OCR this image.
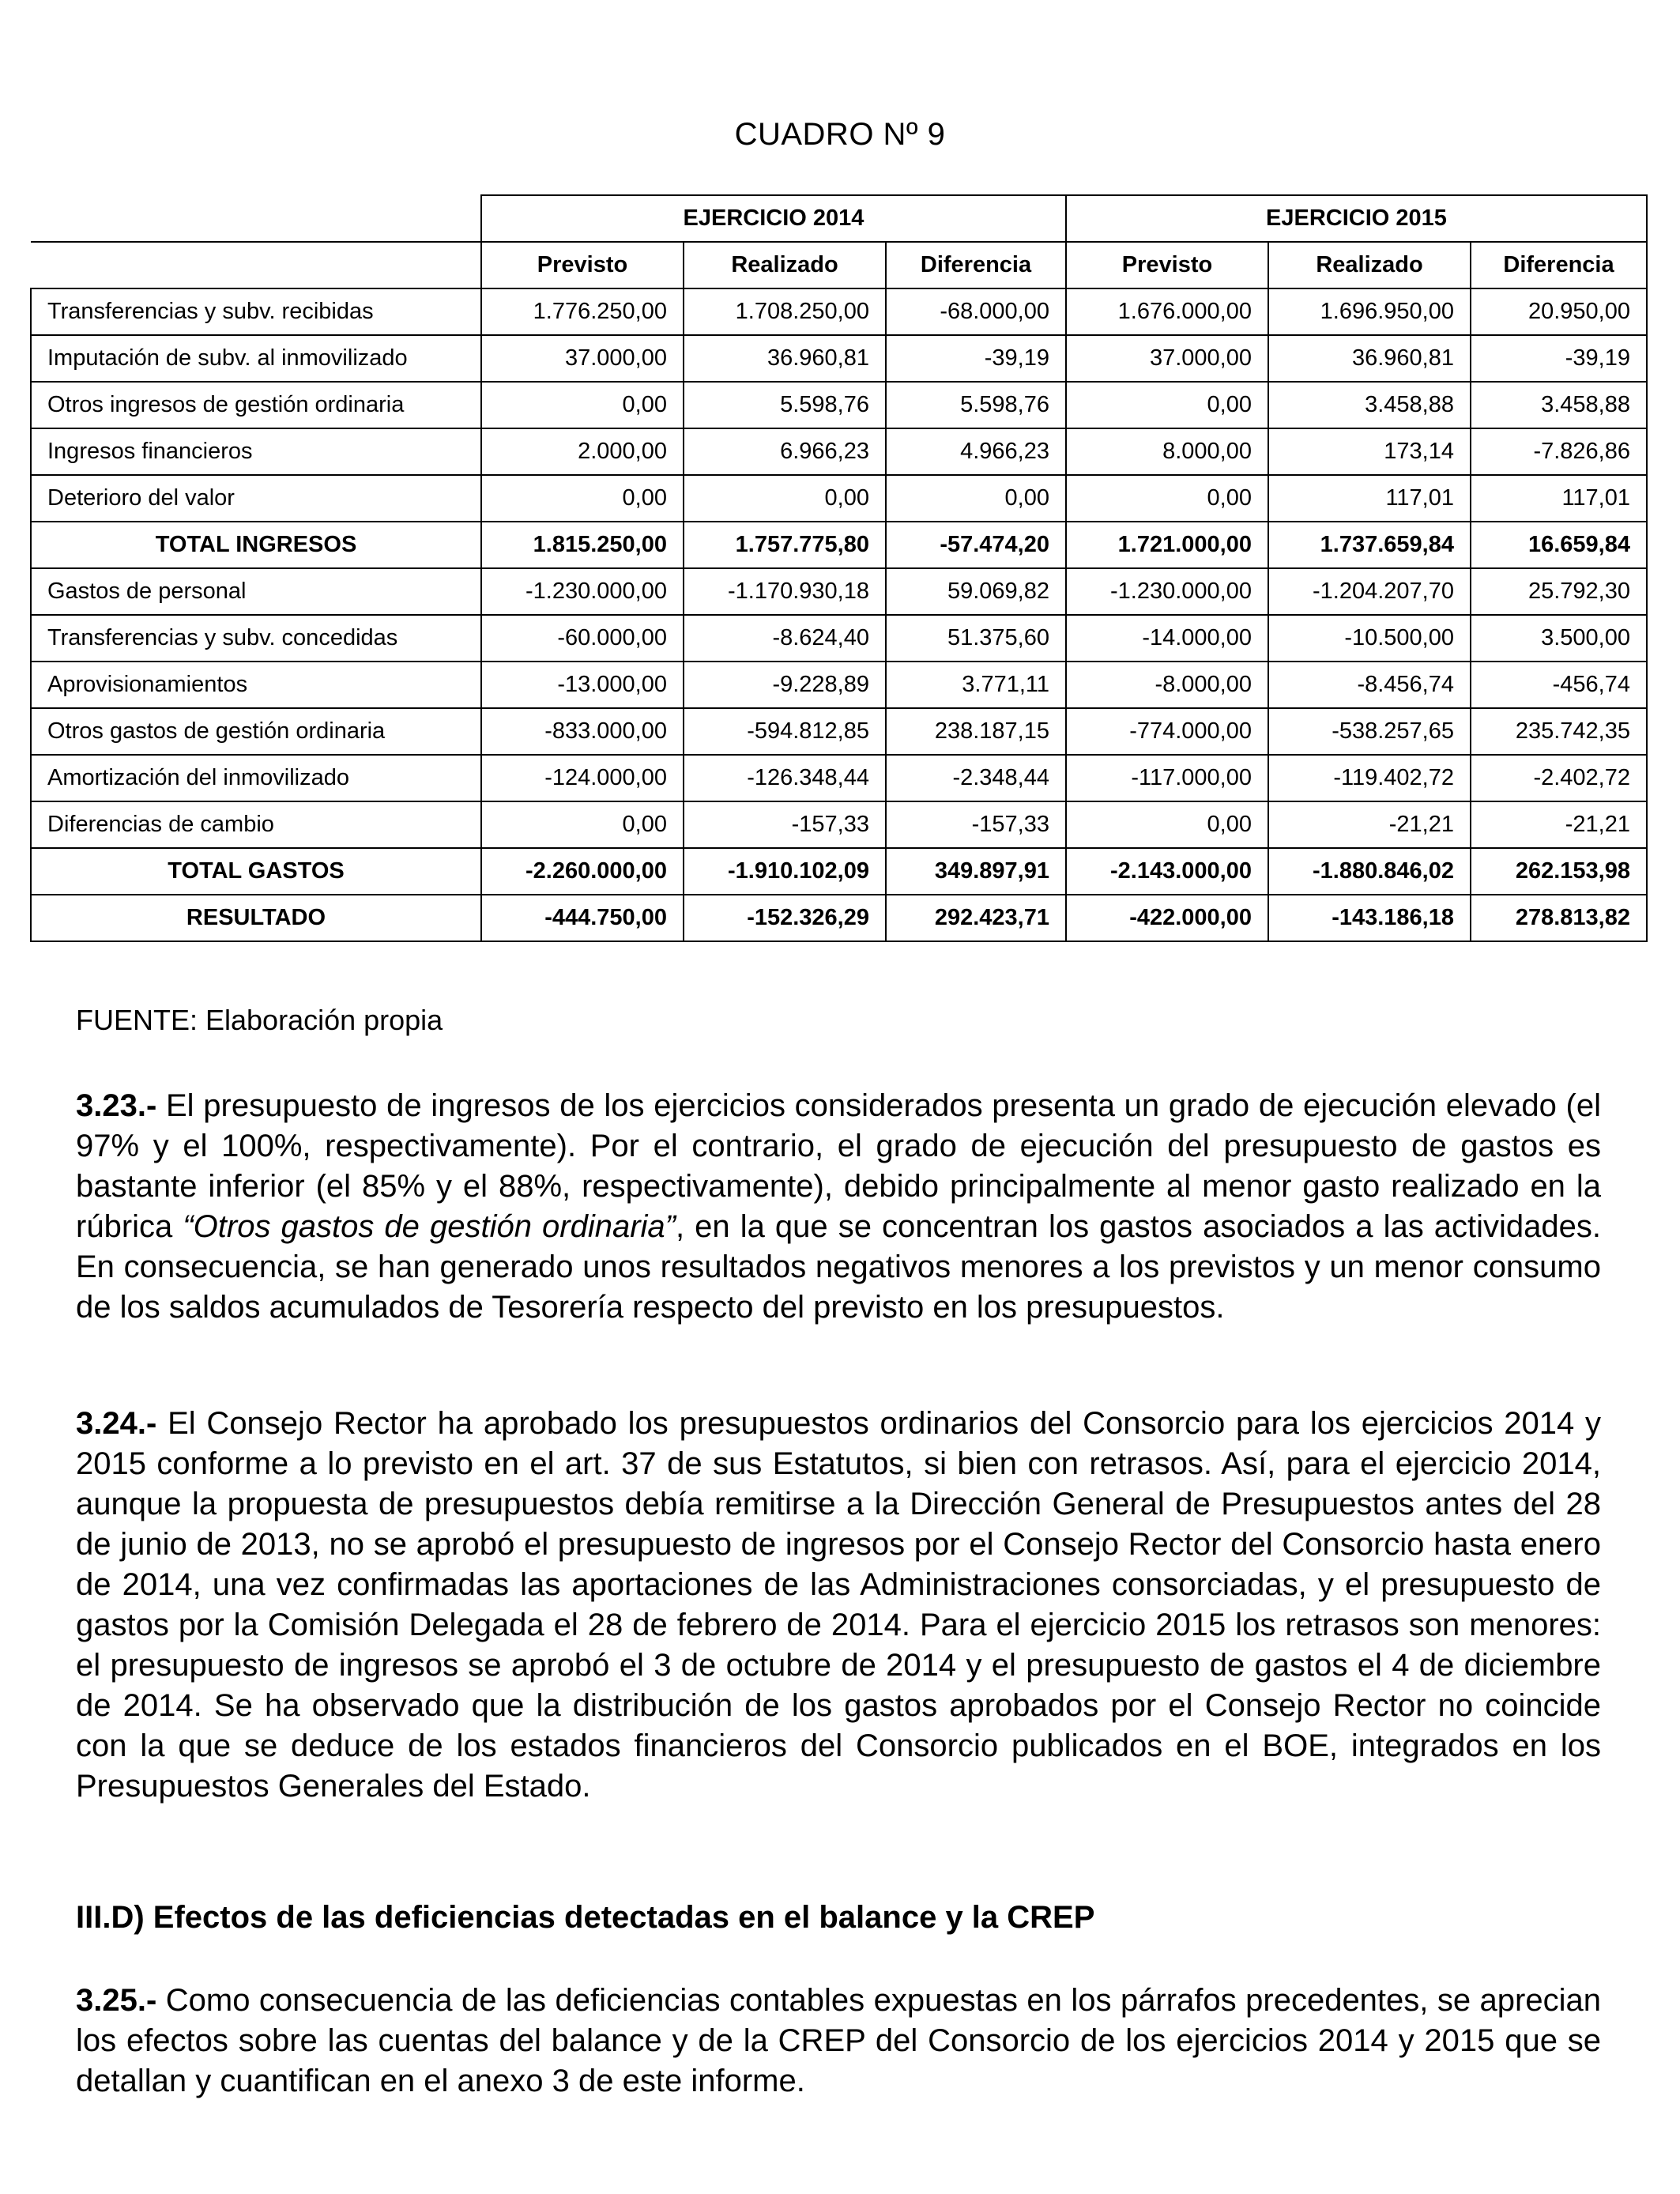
CUADRO Nº 9
	EJERCICIO 2014			EJERCICIO 2015		
	Previsto	Realizado	Diferencia	Previsto	Realizado	Diferencia
Transferencias y subv. recibidas	1.776.250,00	1.708.250,00	-68.000,00	1.676.000,00	1.696.950,00	20.950,00
Imputación de subv. al inmovilizado	37.000,00	36.960,81	-39,19	37.000,00	36.960,81	-39,19
Otros ingresos de gestión ordinaria	0,00	5.598,76	5.598,76	0,00	3.458,88	3.458,88
Ingresos financieros	2.000,00	6.966,23	4.966,23	8.000,00	173,14	-7.826,86
Deterioro del valor	0,00	0,00	0,00	0,00	117,01	117,01
TOTAL INGRESOS	1.815.250,00	1.757.775,80	-57.474,20	1.721.000,00	1.737.659,84	16.659,84
Gastos de personal	-1.230.000,00	-1.170.930,18	59.069,82	-1.230.000,00	-1.204.207,70	25.792,30
Transferencias y subv. concedidas	-60.000,00	-8.624,40	51.375,60	-14.000,00	-10.500,00	3.500,00
Aprovisionamientos	-13.000,00	-9.228,89	3.771,11	-8.000,00	-8.456,74	-456,74
Otros gastos de gestión ordinaria	-833.000,00	-594.812,85	238.187,15	-774.000,00	-538.257,65	235.742,35
Amortización del inmovilizado	-124.000,00	-126.348,44	-2.348,44	-117.000,00	-119.402,72	-2.402,72
Diferencias de cambio	0,00	-157,33	-157,33	0,00	-21,21	-21,21
TOTAL GASTOS	-2.260.000,00	-1.910.102,09	349.897,91	-2.143.000,00	-1.880.846,02	262.153,98
RESULTADO	-444.750,00	-152.326,29	292.423,71	-422.000,00	-143.186,18	278.813,82
FUENTE: Elaboración propia
3.23.- El presupuesto de ingresos de los ejercicios considerados presenta un grado de ejecución elevado (el 97% y el 100%, respectivamente). Por el contrario, el grado de ejecución del presupuesto de gastos es bastante inferior (el 85% y el 88%, respectivamente), debido principalmente al menor gasto realizado en la rúbrica “Otros gastos de gestión ordinaria”, en la que se concentran los gastos asociados a las actividades. En consecuencia, se han generado unos resultados negativos menores a los previstos y un menor consumo de los saldos acumulados de Tesorería respecto del previsto en los presupuestos.
3.24.- El Consejo Rector ha aprobado los presupuestos ordinarios del Consorcio para los ejercicios 2014 y 2015 conforme a lo previsto en el art. 37 de sus Estatutos, si bien con retrasos. Así, para el ejercicio 2014, aunque la propuesta de presupuestos debía remitirse a la Dirección General de Presupuestos antes del 28 de junio de 2013, no se aprobó el presupuesto de ingresos por el Consejo Rector del Consorcio hasta enero de 2014, una vez confirmadas las aportaciones de las Administraciones consorciadas, y el presupuesto de gastos por la Comisión Delegada el 28 de febrero de 2014. Para el ejercicio 2015 los retrasos son menores: el presupuesto de ingresos se aprobó el 3 de octubre de 2014 y el presupuesto de gastos el 4 de diciembre de 2014. Se ha observado que la distribución de los gastos aprobados por el Consejo Rector no coincide con la que se deduce de los estados financieros del Consorcio publicados en el BOE, integrados en los Presupuestos Generales del Estado.
III.D) Efectos de las deficiencias detectadas en el balance y la CREP
3.25.- Como consecuencia de las deficiencias contables expuestas en los párrafos precedentes, se aprecian los efectos sobre las cuentas del balance y de la CREP del Consorcio de los ejercicios 2014 y 2015 que se detallan y cuantifican en el anexo 3 de este informe.
